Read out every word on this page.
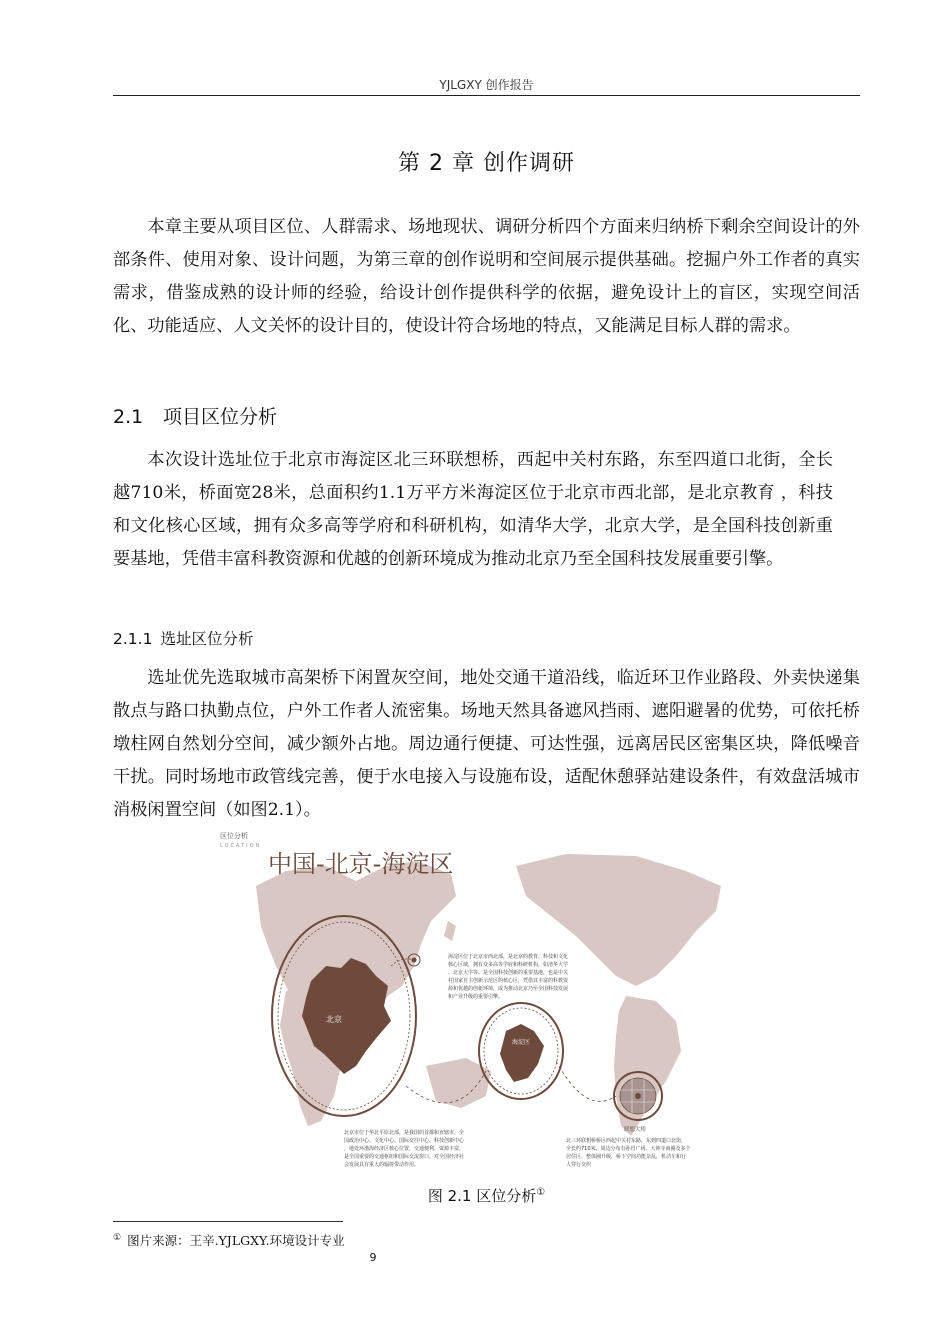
YJLGXY 创作报告
第 2 章 创作调研

本章主要从项目区位、人群需求、场地现状、调研分析四个方面来归纳桥下剩余空间设计的外部条件、使用对象、设计问题，为第三章的创作说明和空间展示提供基础。挖掘户外工作者的真实需求，借鉴成熟的设计师的经验，给设计创作提供科学的依据，避免设计上的盲区，实现空间活化、功能适应、人文关怀的设计目的，使设计符合场地的特点，又能满足目标人群的需求。

2.1 项目区位分析

本次设计选址位于北京市海淀区北三环联想桥，西起中关村东路，东至四道口北街，全长越710米，桥面宽28米，总面积约1.1万平方米海淀区位于北京市西北部，是北京教育 ，科技和文化核心区域，拥有众多高等学府和科研机构，如清华大学，北京大学，是全国科技创新重要基地，凭借丰富科教资源和优越的创新环境成为推动北京乃至全国科技发展重要引擎。

2.1.1 选址区位分析

选址优先选取城市高架桥下闲置灰空间，地处交通干道沿线，临近环卫作业路段、外卖快递集散点与路口执勤点位，户外工作者人流密集。场地天然具备遮风挡雨、遮阳避暑的优势，可依托桥墩柱网自然划分空间，减少额外占地。周边通行便捷、可达性强，远离居民区密集区块，降低噪音干扰。同时场地市政管线完善，便于水电接入与设施布设，适配休憩驿站建设条件，有效盘活城市消极闲置空间（如图2.1）。

区位分析
LOCATION
中国-北京-海淀区
北京
海淀区
联想大桥
海淀区位于北京市西北部，是北京的教育、科技和文化
核心区域，拥有众多高等学府和科研机构，如清华大学
、北京大学等。是全国科技创新的重要基地，也是中关
村国家自主创新示范区的核心区，凭借其丰富的科教资
源和优越的创新环境，成为推动北京乃至全国科技发展
和产业升级的重要引擎。
北京市位于华北平原北部，是我国的首都和直辖市，全
国政治中心、文化中心、国际交往中心、科技创新中心
，地处环渤海经济区核心位置，交通便利，资源丰富，
是全国重要的交通枢纽和国际交流窗口，对全国经济社
会发展具有重大的辐射带动作用。
北三环联想桥桥区西起中关村东路，东到四道口北街，
全长约710米，周边分布有孙冒广场、大钟寺商圈及多个
居住区，整体圈升级，桥下空间功能杂乱，机动车和行
人穿行交织
图 2.1 区位分析①
① 图片来源：王辛.YJLGXY.环境设计专业
9
